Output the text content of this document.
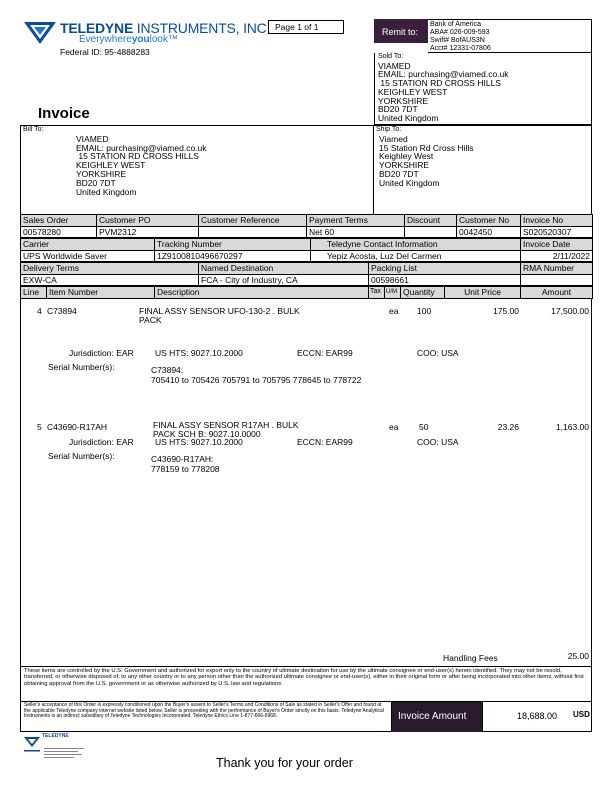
TELEDYNE INSTRUMENTS, INC.
Everywhereyoulook™
Federal ID: 95-4888283
Page 1 of 1	Remit to:
Bank of America
ABA# 026-009-593
Swift# BofAUS3N
Acct# 12331-07806
Sold To:
VIAMED
EMAIL: purchasing@viamed.co.uk
15 STATION RD CROSS HILLS
KEIGHLEY WEST
YORKSHIRE
BD20 7DT
United Kingdom
Invoice
Bill To:
VIAMED
EMAIL: purchasing@viamed.co.uk
15 STATION RD CROSS HILLS
KEIGHLEY WEST
YORKSHIRE
BD20 7DT
United Kingdom
Ship To:
Viamed
15 Station Rd Cross Hills
Keighley West
YORKSHIRE
BD20 7DT
United Kingdom
Sales Order	Customer PO	Customer Reference	Payment Terms	Discount	Customer No	Invoice No
00578280	PVM2312		Net 60		0042450	S020520307
Carrier	Tracking Number	Teledyne Contact Information	Invoice Date
UPS Worldwide Saver	1Z9100810496670297	Yepiz Acosta, Luz Del Carmen	2/11/2022
Delivery Terms	Named Destination	Packing List	RMA Number
EXW-CA	FCA - City of Industry, CA	00598661	
Line	Item Number	Description	Tax	U/M	Quantity	Unit Price	Amount
4 C73894	FINAL ASSY SENSOR UFO-130-2 . BULK
PACK
ea 100	175.00	17,500.00
Jurisdiction: EAR	US HTS: 9027.10.2000	ECCN: EAR99	COO: USA
Serial Number(s):	C73894:
705410 to 705426 705791 to 705795 778645 to 778722
5 C43690-R17AH	FINAL ASSY SENSOR R17AH . BULK
PACK SCH B: 9027.10.0000
ea 50	23.26	1,163.00
Jurisdiction: EAR	US HTS: 9027.10.2000	ECCN: EAR99	COO: USA
Serial Number(s):	C43690-R17AH:
778159 to 778208
Handling Fees	25.00
These items are controlled by the U.S. Government and authorized for export only to the country of ultimate destination for use by the ultimate consignee or end-user(s) herein identified. They may not be resold, transferred, or otherwise disposed of, to any other country or to any person other than the authorized ultimate consignee or end-user(s), either in their original form or after being incorporated into other items, without first obtaining approval from the U.S. government or as otherwise authorized by U.S. law and regulations.
Seller's acceptance of this Order is expressly conditioned upon the Buyer's assent to Seller's Terms and Conditions of Sale as stated in Seller's Offer and found at the applicable Teledyne company internet website listed below. Seller is proceeding with the performance of Buyer's Order strictly on this basis. Teledyne Analytical Instruments is an indirect subsidiary of Teledyne Technologies Incorporated. Teledyne Ethics Line 1-877-666-6968.	Invoice Amount	18,688.00 USD
TELEDYNE
Thank you for your order
